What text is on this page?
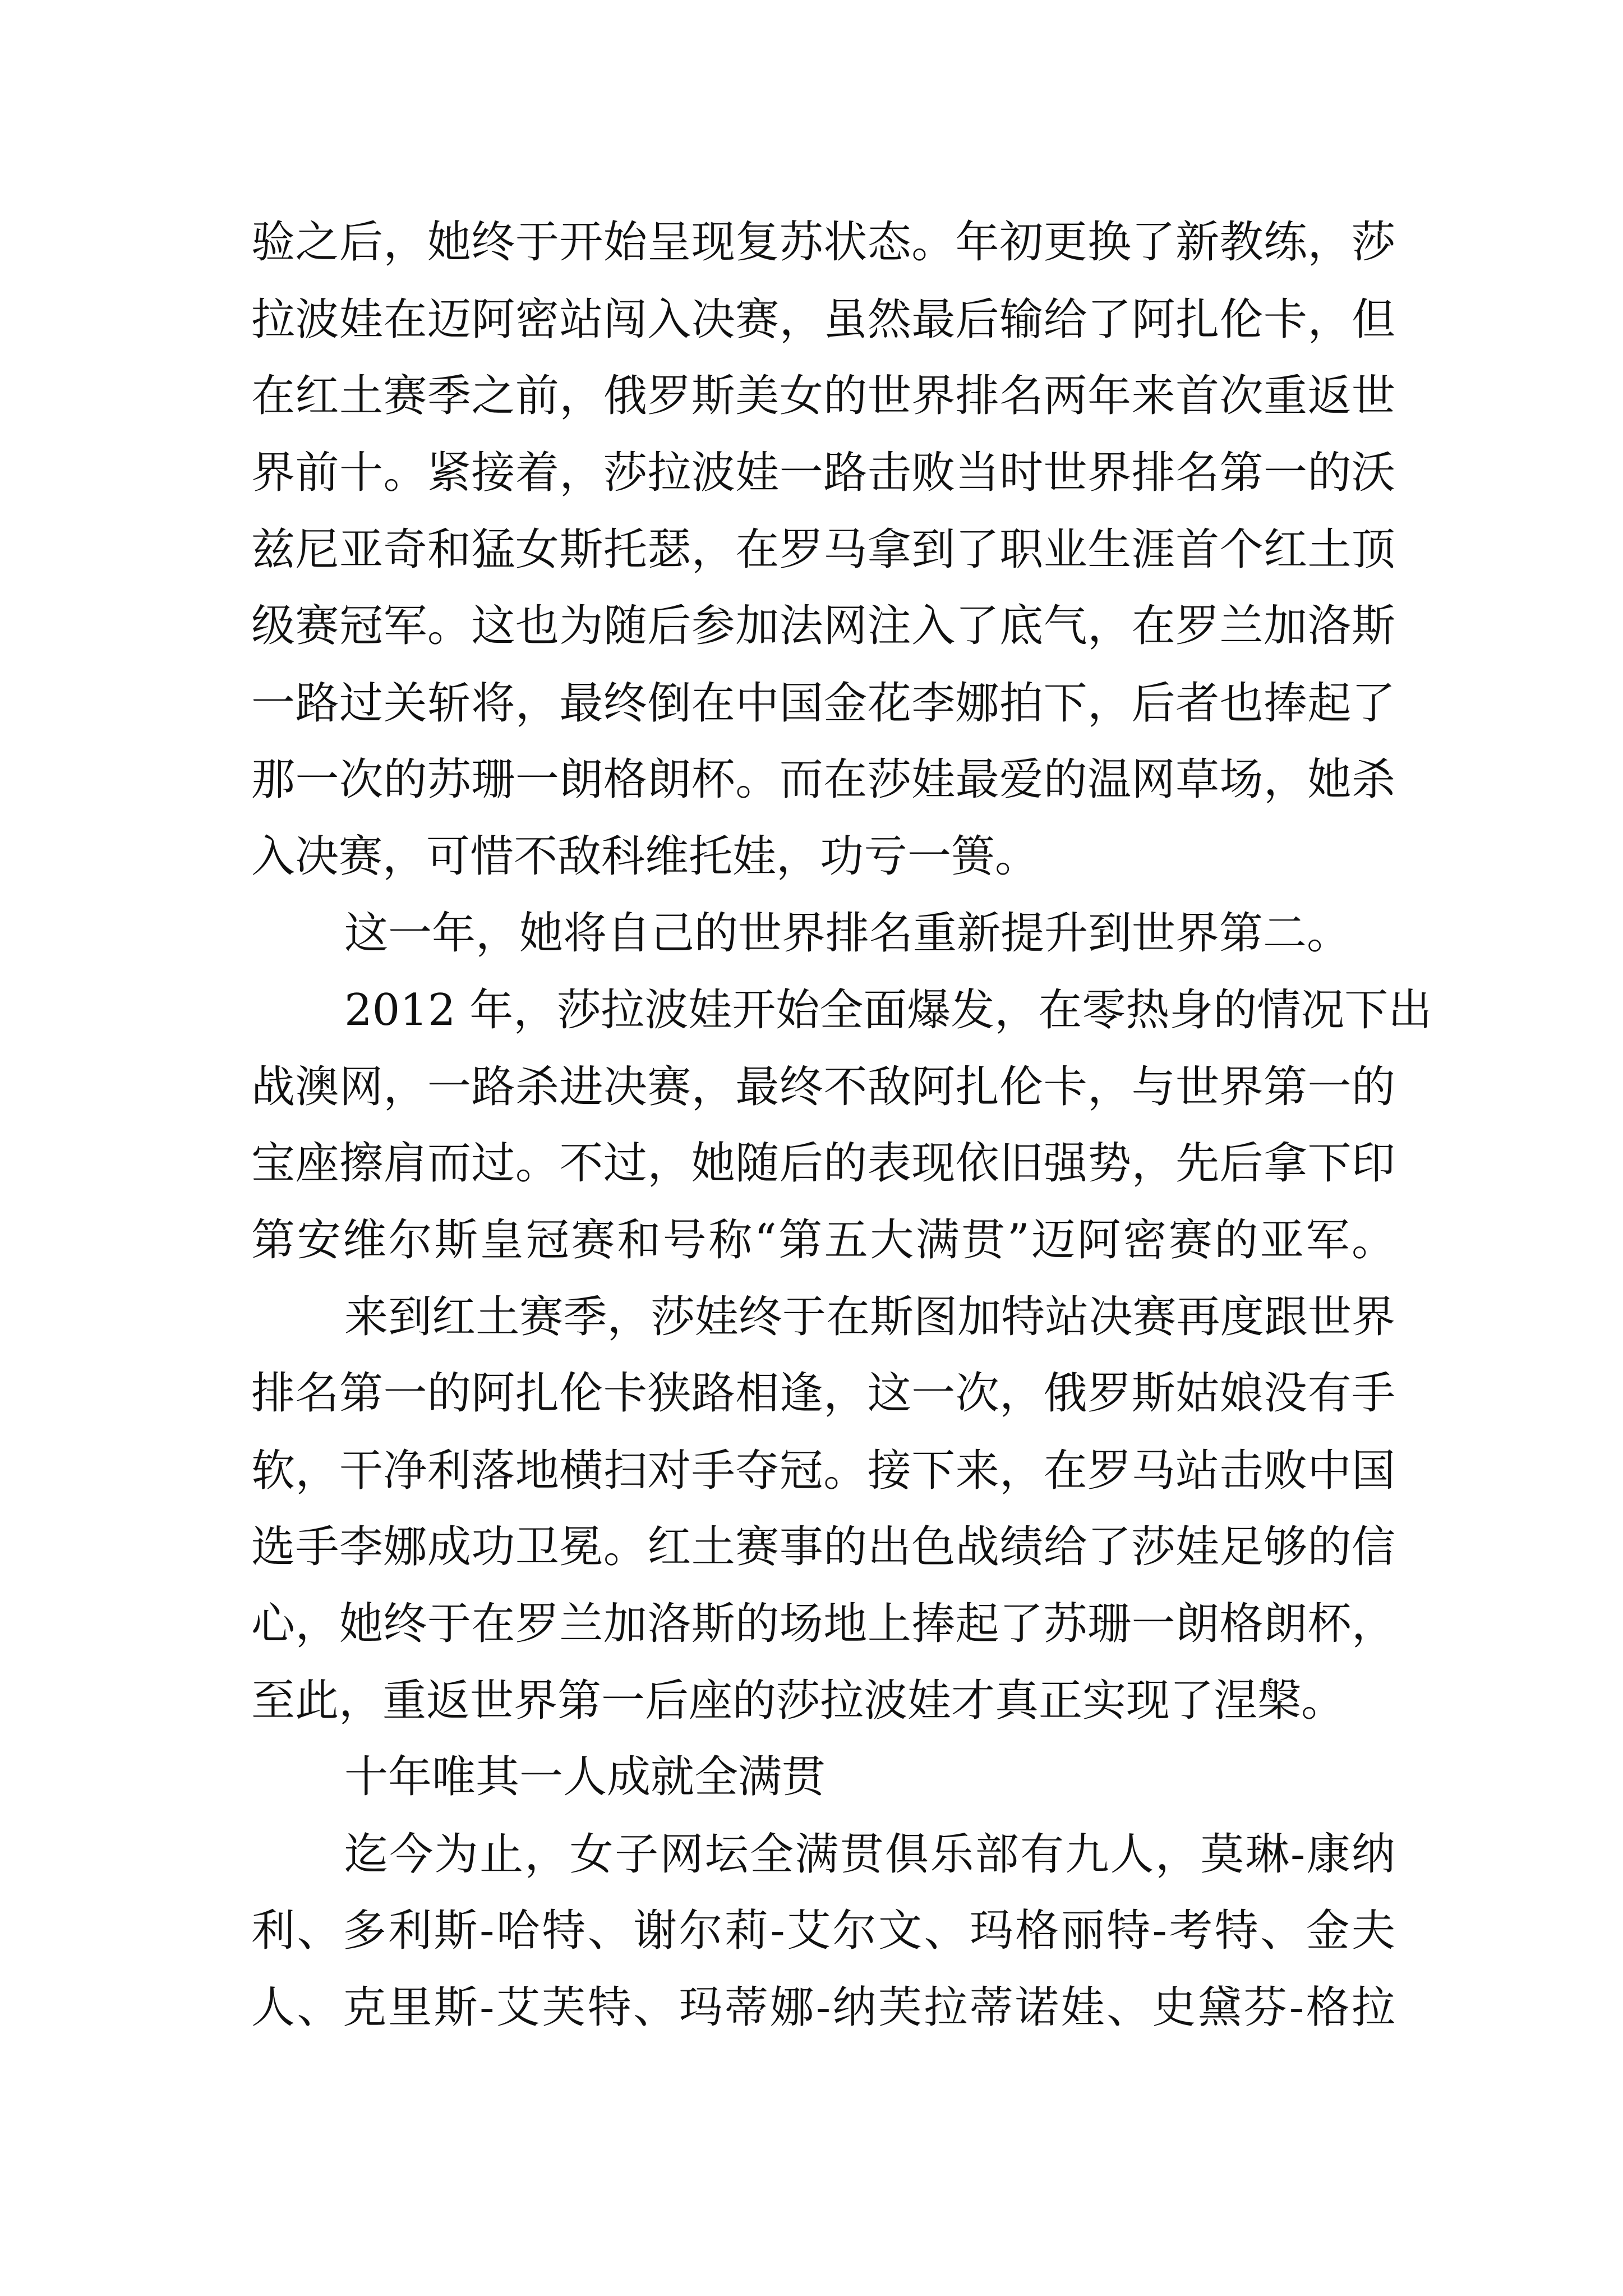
验之后，她终于开始呈现复苏状态。年初更换了新教练，莎
拉波娃在迈阿密站闯入决赛，虽然最后输给了阿扎伦卡，但
在红土赛季之前，俄罗斯美女的世界排名两年来首次重返世
界前十。紧接着，莎拉波娃一路击败当时世界排名第一的沃
兹尼亚奇和猛女斯托瑟，在罗马拿到了职业生涯首个红土顶
级赛冠军。这也为随后参加法网注入了底气，在罗兰加洛斯
一路过关斩将，最终倒在中国金花李娜拍下，后者也捧起了
那一次的苏珊一朗格朗杯。而在莎娃最爱的温网草场，她杀
入决赛，可惜不敌科维托娃，功亏一篑。
这一年，她将自己的世界排名重新提升到世界第二。
2012 年，莎拉波娃开始全面爆发，在零热身的情况下出
战澳网，一路杀进决赛，最终不敌阿扎伦卡，与世界第一的
宝座擦肩而过。不过，她随后的表现依旧强势，先后拿下印
第安维尔斯皇冠赛和号称“第五大满贯”迈阿密赛的亚军。
来到红土赛季，莎娃终于在斯图加特站决赛再度跟世界
排名第一的阿扎伦卡狭路相逢，这一次，俄罗斯姑娘没有手
软，干净利落地横扫对手夺冠。接下来，在罗马站击败中国
选手李娜成功卫冕。红土赛事的出色战绩给了莎娃足够的信
心，她终于在罗兰加洛斯的场地上捧起了苏珊一朗格朗杯，
至此，重返世界第一后座的莎拉波娃才真正实现了涅槃。
十年唯其一人成就全满贯
迄今为止，女子网坛全满贯俱乐部有九人，莫琳-康纳
利、多利斯-哈特、谢尔莉-艾尔文、玛格丽特-考特、金夫
人、克里斯-艾芙特、玛蒂娜-纳芙拉蒂诺娃、史黛芬-格拉
